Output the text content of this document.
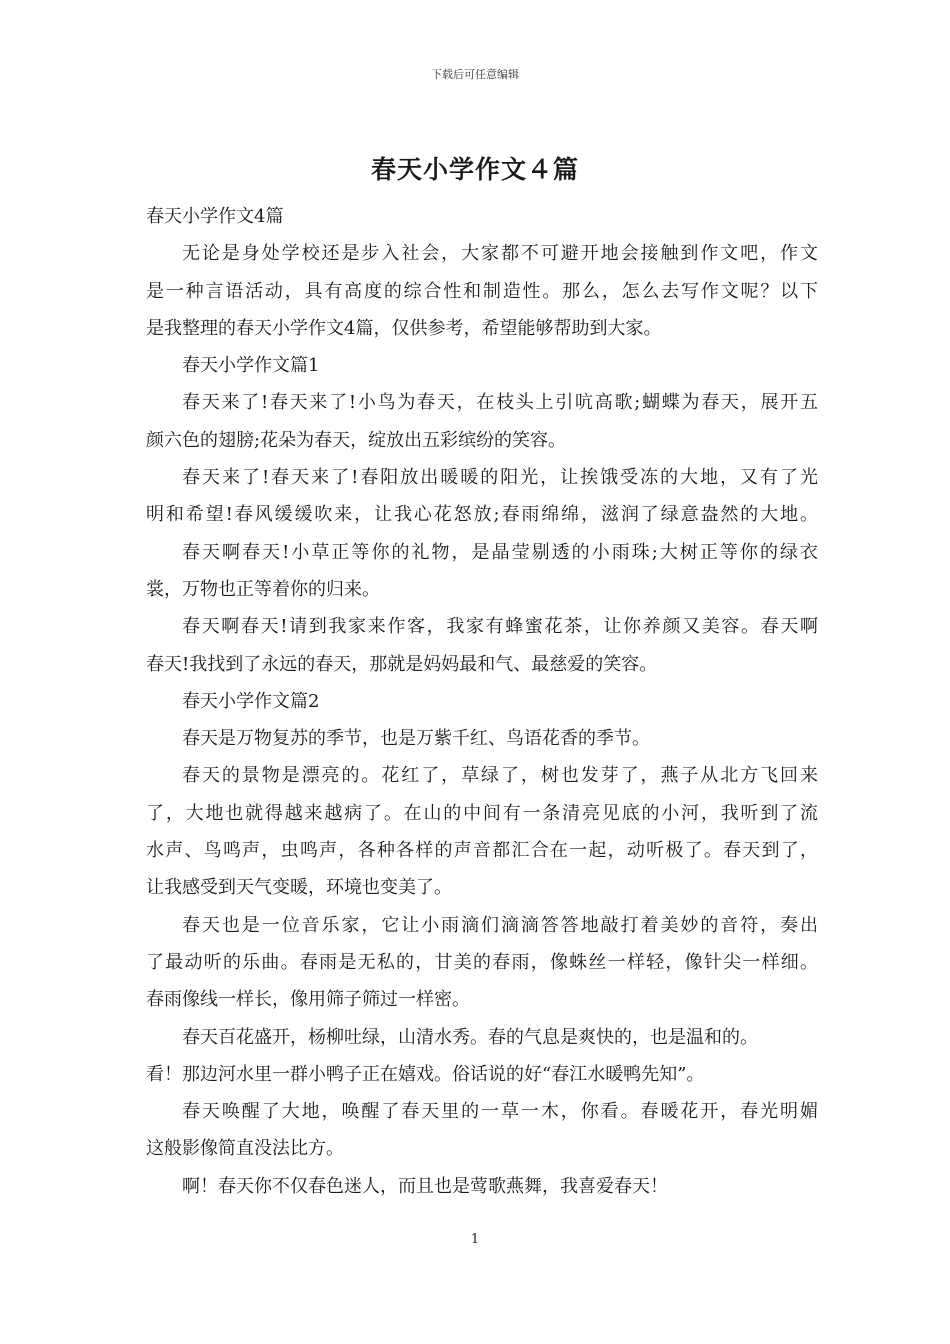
下载后可任意编辑
春天小学作文４篇
春天小学作文4篇
无论是身处学校还是步入社会，大家都不可避开地会接触到作文吧，作文
是一种言语活动，具有高度的综合性和制造性。那么，怎么去写作文呢？以下
是我整理的春天小学作文4篇，仅供参考，希望能够帮助到大家。
春天小学作文篇1
春天来了!春天来了!小鸟为春天，在枝头上引吭高歌;蝴蝶为春天，展开五
颜六色的翅膀;花朵为春天，绽放出五彩缤纷的笑容。
春天来了!春天来了!春阳放出暖暖的阳光，让挨饿受冻的大地，又有了光
明和希望!春风缓缓吹来，让我心花怒放;春雨绵绵，滋润了绿意盎然的大地。
春天啊春天!小草正等你的礼物，是晶莹剔透的小雨珠;大树正等你的绿衣
裳，万物也正等着你的归来。
春天啊春天!请到我家来作客，我家有蜂蜜花茶，让你养颜又美容。春天啊
春天!我找到了永远的春天，那就是妈妈最和气、最慈爱的笑容。
春天小学作文篇2
春天是万物复苏的季节，也是万紫千红、鸟语花香的季节。
春天的景物是漂亮的。花红了，草绿了，树也发芽了，燕子从北方飞回来
了，大地也就得越来越病了。在山的中间有一条清亮见底的小河，我听到了流
水声、鸟鸣声，虫鸣声，各种各样的声音都汇合在一起，动听极了。春天到了，
让我感受到天气变暖，环境也变美了。
春天也是一位音乐家，它让小雨滴们滴滴答答地敲打着美妙的音符，奏出
了最动听的乐曲。春雨是无私的，甘美的春雨，像蛛丝一样轻，像针尖一样细。
春雨像线一样长，像用筛子筛过一样密。
春天百花盛开，杨柳吐绿，山清水秀。春的气息是爽快的，也是温和的。
看！那边河水里一群小鸭子正在嬉戏。俗话说的好“春江水暖鸭先知”。
春天唤醒了大地，唤醒了春天里的一草一木，你看。春暖花开，春光明媚
这般影像简直没法比方。
啊！春天你不仅春色迷人，而且也是莺歌燕舞，我喜爱春天！
1
